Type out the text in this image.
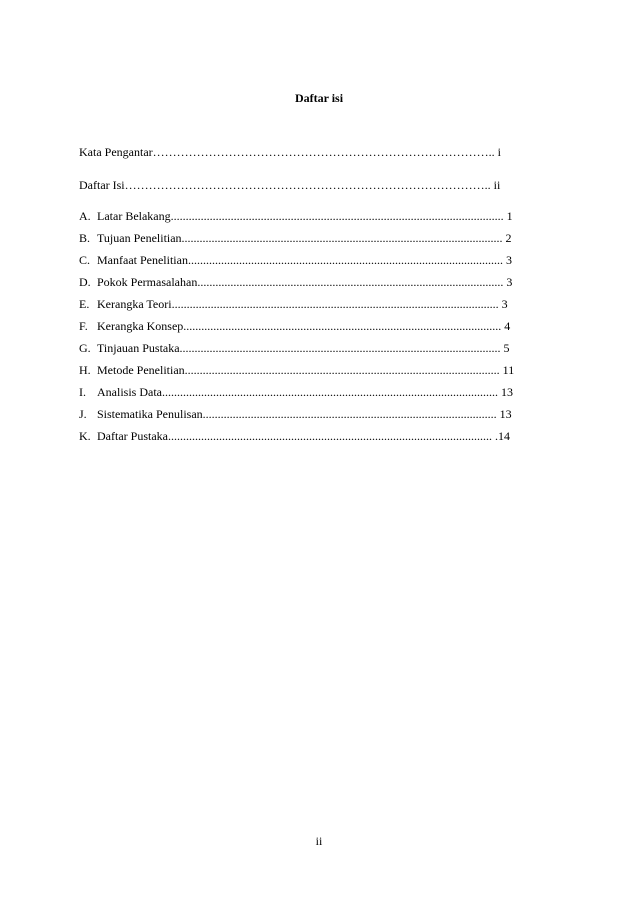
Daftar isi
Kata Pengantar………………………………………………………………………….. i
Daftar Isi……………………………………………………………………………….. ii
A. Latar Belakang............................................................................................................... 1
B. Tujuan Penelitian........................................................................................................... 2
C. Manfaat Penelitian......................................................................................................... 3
D. Pokok Permasalahan...................................................................................................... 3
E. Kerangka Teori............................................................................................................. 3
F. Kerangka Konsep.......................................................................................................... 4
G. Tinjauan Pustaka........................................................................................................... 5
H. Metode Penelitian......................................................................................................... 11
I. Analisis Data................................................................................................................ 13
J. Sistematika Penulisan.................................................................................................. 13
K. Daftar Pustaka............................................................................................................ .14
ii
